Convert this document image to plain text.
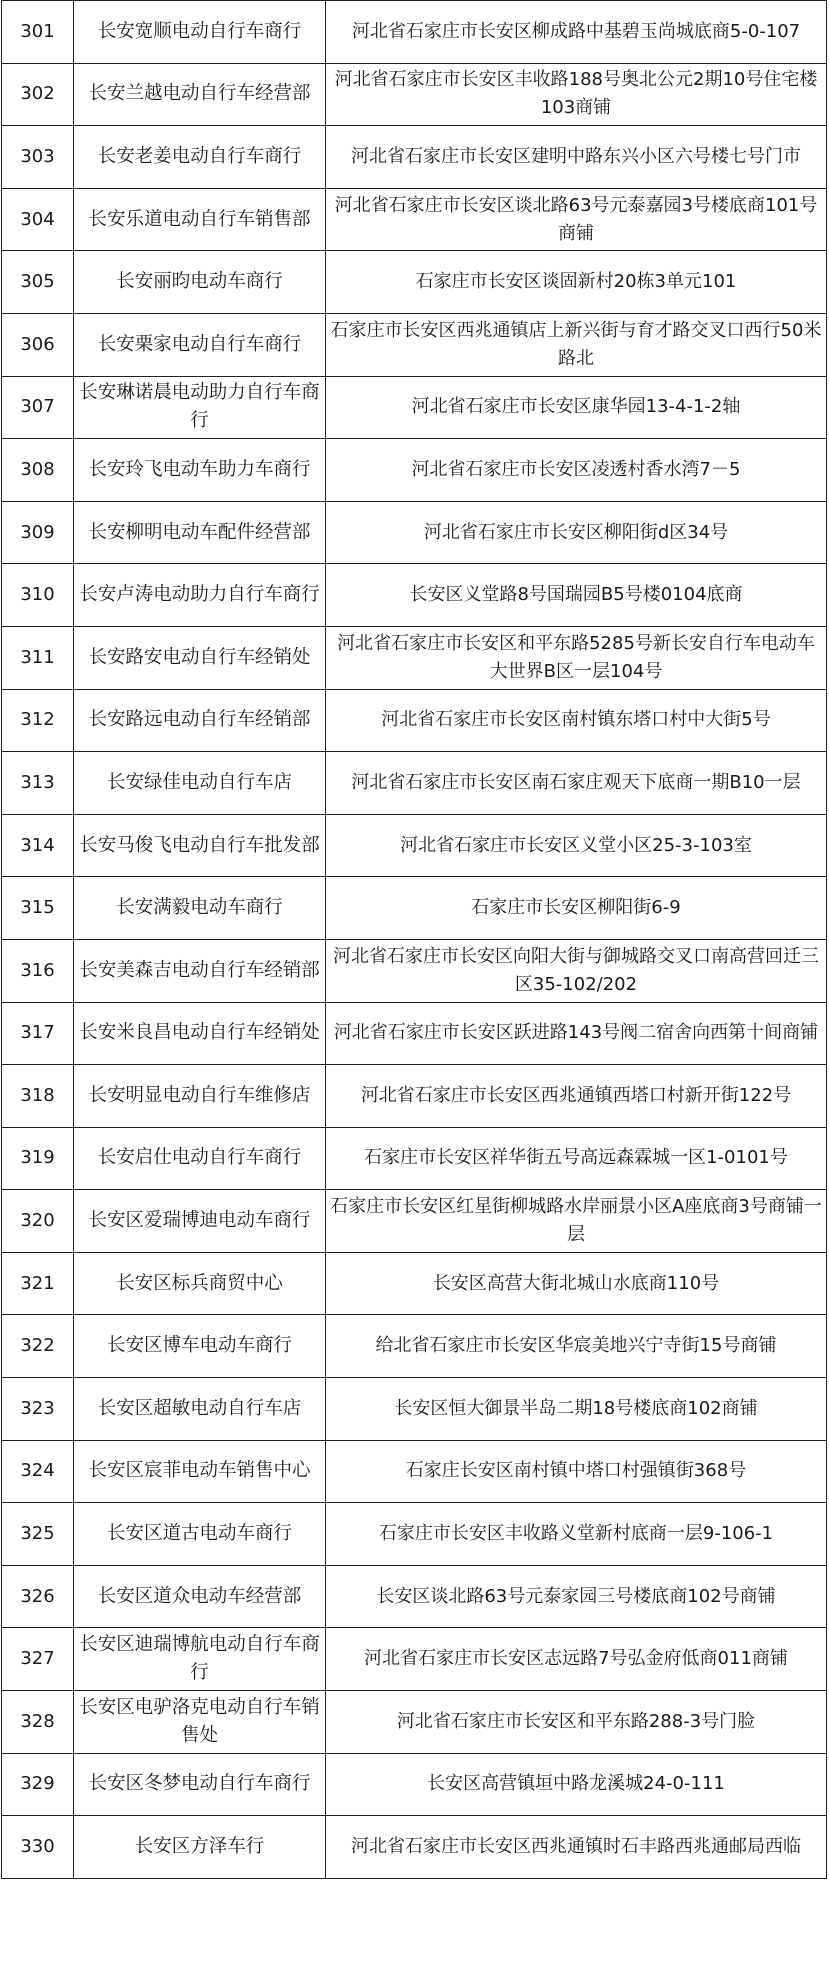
301	长安宽顺电动自行车商行	河北省石家庄市长安区柳成路中基碧玉尚城底商5-0-107
302	长安兰越电动自行车经营部	河北省石家庄市长安区丰收路188号奥北公元2期10号住宅楼103商铺
303	长安老姜电动自行车商行	河北省石家庄市长安区建明中路东兴小区六号楼七号门市
304	长安乐道电动自行车销售部	河北省石家庄市长安区谈北路63号元泰嘉园3号楼底商101号商铺
305	长安丽昀电动车商行	石家庄市长安区谈固新村20栋3单元101
306	长安栗家电动自行车商行	石家庄市长安区西兆通镇店上新兴街与育才路交叉口西行50米路北
307	长安琳诺晨电动助力自行车商行	河北省石家庄市长安区康华园13-4-1-2轴
308	长安玲飞电动车助力车商行	河北省石家庄市长安区凌透村香水湾7－5
309	长安柳明电动车配件经营部	河北省石家庄市长安区柳阳街d区34号
310	长安卢涛电动助力自行车商行	长安区义堂路8号国瑞园B5号楼0104底商
311	长安路安电动自行车经销处	河北省石家庄市长安区和平东路5285号新长安自行车电动车大世界B区一层104号
312	长安路远电动自行车经销部	河北省石家庄市长安区南村镇东塔口村中大街5号
313	长安绿佳电动自行车店	河北省石家庄市长安区南石家庄观天下底商一期B10一层
314	长安马俊飞电动自行车批发部	河北省石家庄市长安区义堂小区25-3-103室
315	长安满毅电动车商行	石家庄市长安区柳阳街6-9
316	长安美森吉电动自行车经销部	河北省石家庄市长安区向阳大街与御城路交叉口南高营回迁三区35-102/202
317	长安米良昌电动自行车经销处	河北省石家庄市长安区跃进路143号阀二宿舍向西第十间商铺
318	长安明显电动自行车维修店	河北省石家庄市长安区西兆通镇西塔口村新开街122号
319	长安启仕电动自行车商行	石家庄市长安区祥华街五号高远森霖城一区1-0101号
320	长安区爱瑞博迪电动车商行	石家庄市长安区红星街柳城路水岸丽景小区A座底商3号商铺一层
321	长安区标兵商贸中心	长安区高营大街北城山水底商110号
322	长安区博车电动车商行	给北省石家庄市长安区华宸美地兴宁寺街15号商铺
323	长安区超敏电动自行车店	长安区恒大御景半岛二期18号楼底商102商铺
324	长安区宸菲电动车销售中心	石家庄长安区南村镇中塔口村强镇街368号
325	长安区道古电动车商行	石家庄市长安区丰收路义堂新村底商一层9-106-1
326	长安区道众电动车经营部	长安区谈北路63号元泰家园三号楼底商102号商铺
327	长安区迪瑞博航电动自行车商行	河北省石家庄市长安区志远路7号弘金府低商011商铺
328	长安区电驴洛克电动自行车销售处	河北省石家庄市长安区和平东路288-3号门脸
329	长安区冬梦电动自行车商行	长安区高营镇垣中路龙溪城24-0-111
330	长安区方泽车行	河北省石家庄市长安区西兆通镇时石丰路西兆通邮局西临
